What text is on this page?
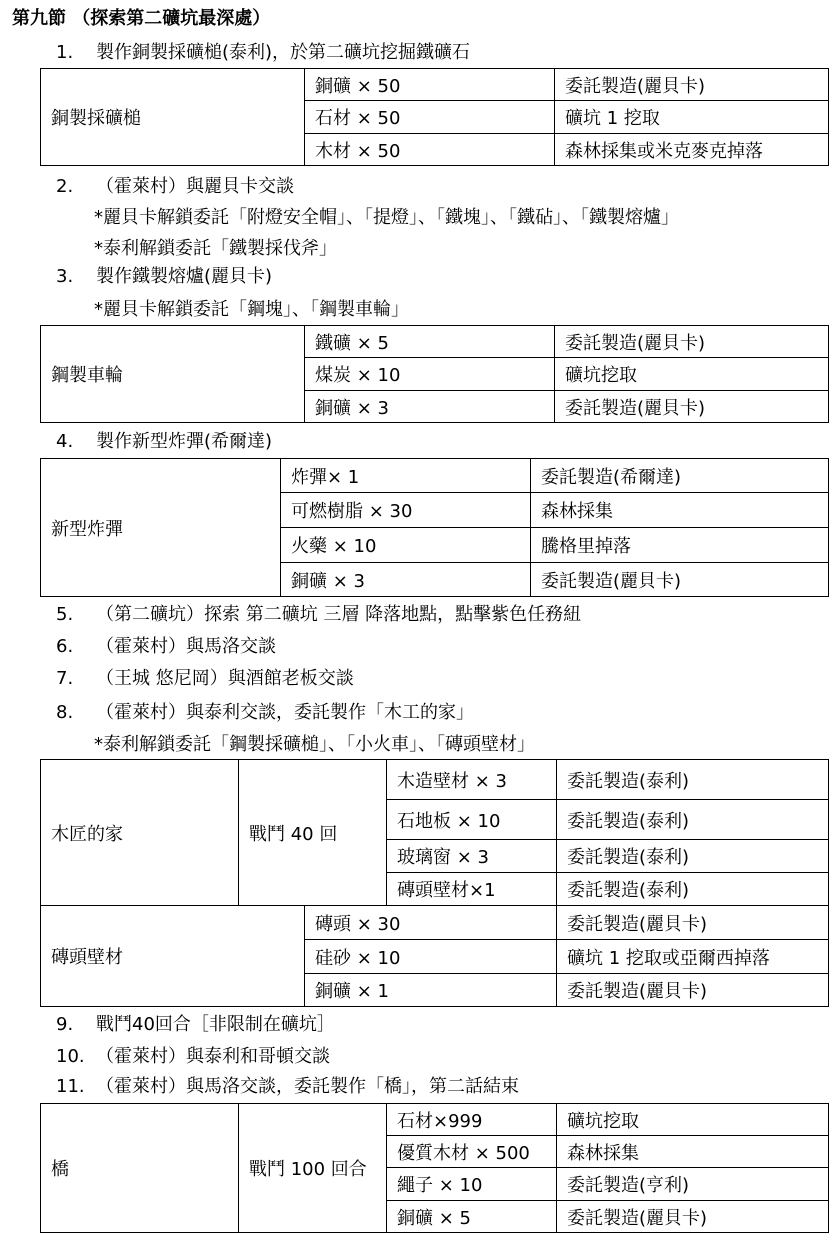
第九節 （探索第二礦坑最深處）
1. 製作銅製採礦槌(泰利)，於第二礦坑挖掘鐵礦石
銅製採礦槌	銅礦 × 50	委託製造(麗貝卡)
	石材 × 50	礦坑 1 挖取
	木材 × 50	森林採集或米克麥克掉落
2. （霍萊村）與麗貝卡交談
*麗貝卡解鎖委託「附燈安全帽」、「提燈」、「鐵塊」、「鐵砧」、「鐵製熔爐」
*泰利解鎖委託「鐵製採伐斧」
3. 製作鐵製熔爐(麗貝卡)
*麗貝卡解鎖委託「鋼塊」、「鋼製車輪」
鋼製車輪	鐵礦 × 5	委託製造(麗貝卡)
	煤炭 × 10	礦坑挖取
	銅礦 × 3	委託製造(麗貝卡)
4. 製作新型炸彈(希爾達)
新型炸彈	炸彈× 1	委託製造(希爾達)
	可燃樹脂 × 30	森林採集
	火藥 × 10	騰格里掉落
	銅礦 × 3	委託製造(麗貝卡)
5. （第二礦坑）探索 第二礦坑 三層 降落地點，點擊紫色任務紐
6. （霍萊村）與馬洛交談
7. （王城 悠尼岡）與酒館老板交談
8. （霍萊村）與泰利交談，委託製作「木工的家」
*泰利解鎖委託「鋼製採礦槌」、「小火車」、「磚頭壁材」
木匠的家	戰鬥 40 回	木造壁材 × 3	委託製造(泰利)
		石地板 × 10	委託製造(泰利)
		玻璃窗 × 3	委託製造(泰利)
		磚頭壁材×1	委託製造(泰利)
磚頭壁材	磚頭 × 30	委託製造(麗貝卡)
	硅砂 × 10	礦坑 1 挖取或亞爾西掉落
	銅礦 × 1	委託製造(麗貝卡)
9. 戰鬥40回合［非限制在礦坑］
10. （霍萊村）與泰利和哥頓交談
11. （霍萊村）與馬洛交談，委託製作「橋」，第二話結束
橋	戰鬥 100 回合	石材×999	礦坑挖取
		優質木材 × 500	森林採集
		繩子 × 10	委託製造(亨利)
		銅礦 × 5	委託製造(麗貝卡)
